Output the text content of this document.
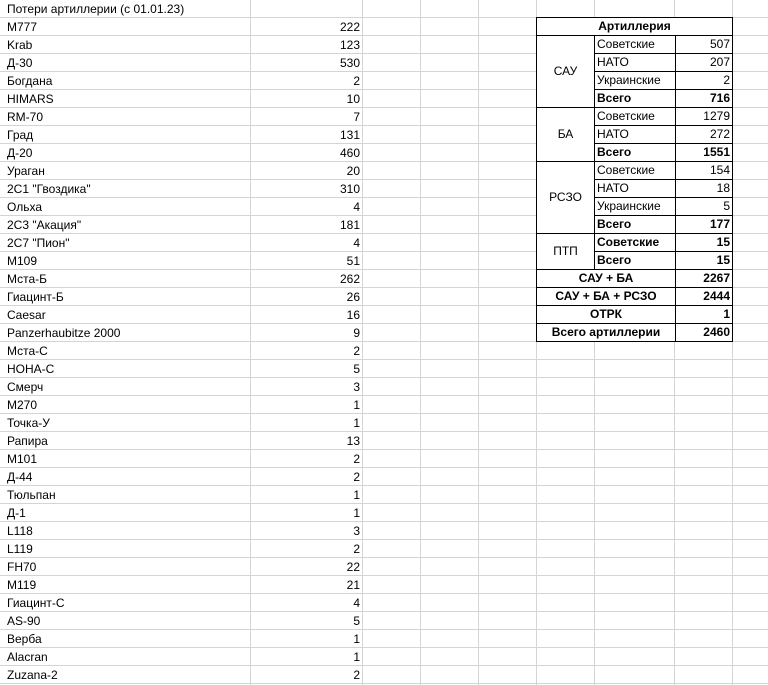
Потери артиллерии (с 01.01.23)
M777	222
Krab	123
Д-30	530
Богдана	2
HIMARS	10
RM-70	7
Град	131
Д-20	460
Ураган	20
2С1 "Гвоздика"	310
Ольха	4
2С3 "Акация"	181
2С7 "Пион"	4
M109	51
Мста-Б	262
Гиацинт-Б	26
Caesar	16
Panzerhaubitze 2000	9
Мста-С	2
НОНА-С	5
Смерч	3
M270	1
Точка-У	1
Рапира	13
M101	2
Д-44	2
Тюльпан	1
Д-1	1
L118	3
L119	2
FH70	22
M119	21
Гиацинт-С	4
AS-90	5
Верба	1
Alacran	1
Zuzana-2	2
Артиллерия		
САУ	Советские	507
	НАТО	207
	Украинские	2
	Всего	716
БА	Советские	1279
	НАТО	272
	Всего	1551
РСЗО	Советские	154
	НАТО	18
	Украинские	5
	Всего	177
ПТП	Советские	15
	Всего	15
САУ + БА		2267
САУ + БА + РСЗО		2444
ОТРК		1
Всего артиллерии		2460
